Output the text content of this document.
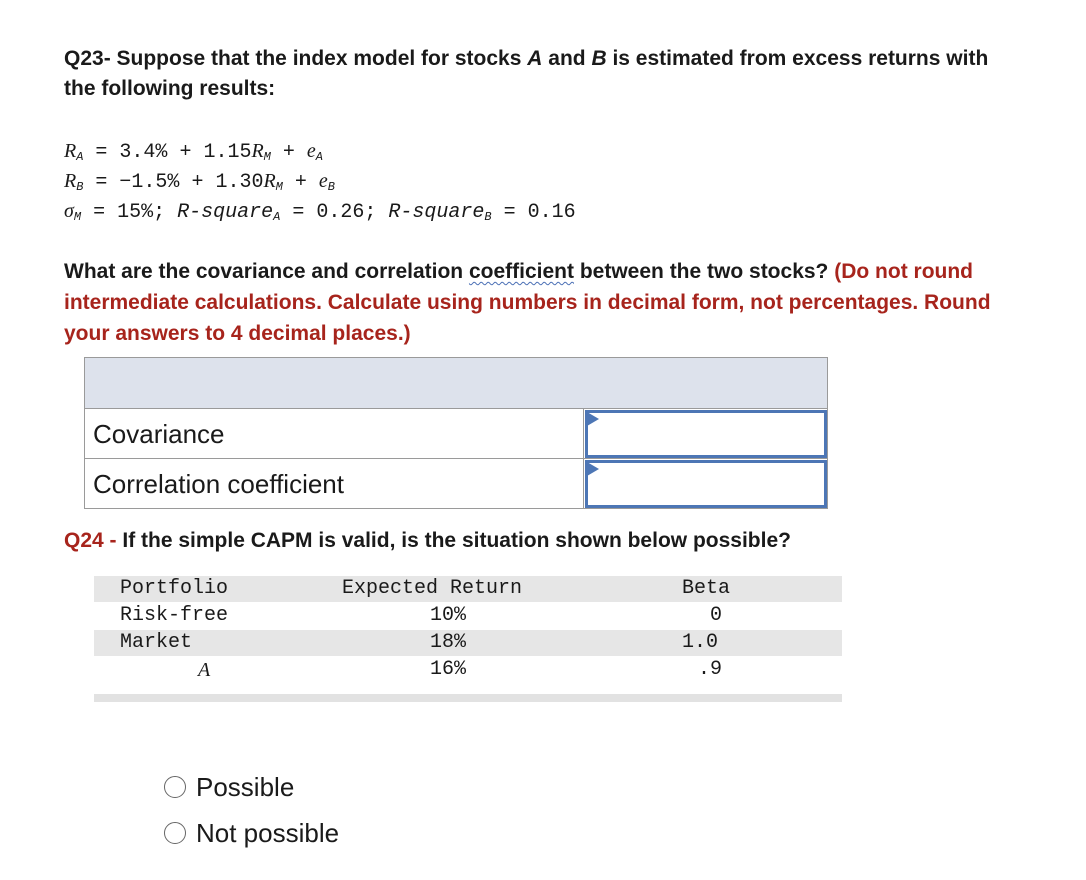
Q23- Suppose that the index model for stocks A and B is estimated from excess returns with the following results:
$R_A = 3.4\% + 1.15R_M + e_A$
$R_B = -1.5\% + 1.30R_M + e_B$
$\sigma_M = 15\%$; R-square$_A$ = 0.26; R-square$_B$ = 0.16
What are the covariance and correlation coefficient between the two stocks? (Do not round intermediate calculations. Calculate using numbers in decimal form, not percentages. Round your answers to 4 decimal places.)
Covariance
Correlation coefficient
Q24 - If the simple CAPM is valid, is the situation shown below possible?
Portfolio	Expected Return	Beta
Risk-free	10%	0
Market	18%	1.0
A	16%	.9
Possible
Not possible
